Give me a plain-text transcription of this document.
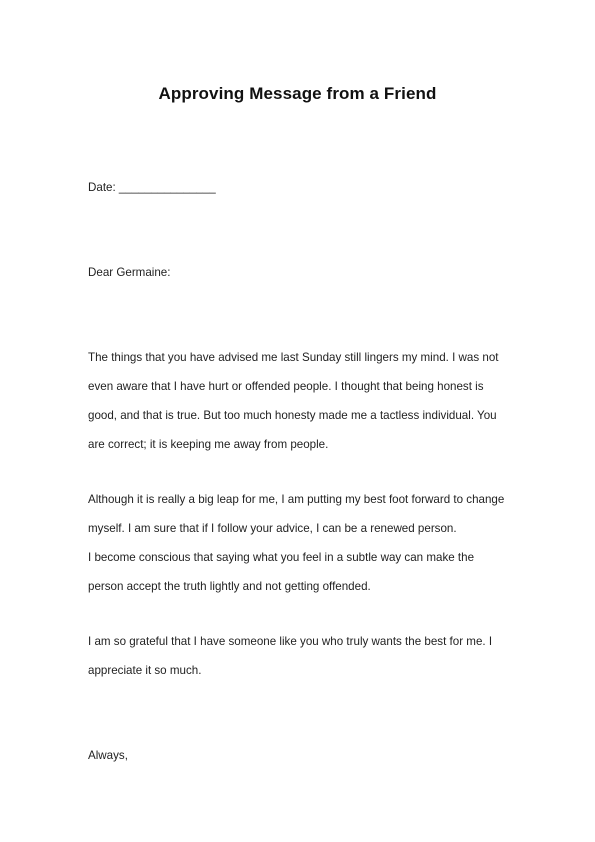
Approving Message from a Friend
Date: _______________
Dear Germaine:
The things that you have advised me last Sunday still lingers my mind. I was not
even aware that I have hurt or offended people. I thought that being honest is
good, and that is true. But too much honesty made me a tactless individual. You
are correct; it is keeping me away from people.
Although it is really a big leap for me, I am putting my best foot forward to change
myself. I am sure that if I follow your advice, I can be a renewed person.
I become conscious that saying what you feel in a subtle way can make the
person accept the truth lightly and not getting offended.
I am so grateful that I have someone like you who truly wants the best for me. I
appreciate it so much.
Always,
